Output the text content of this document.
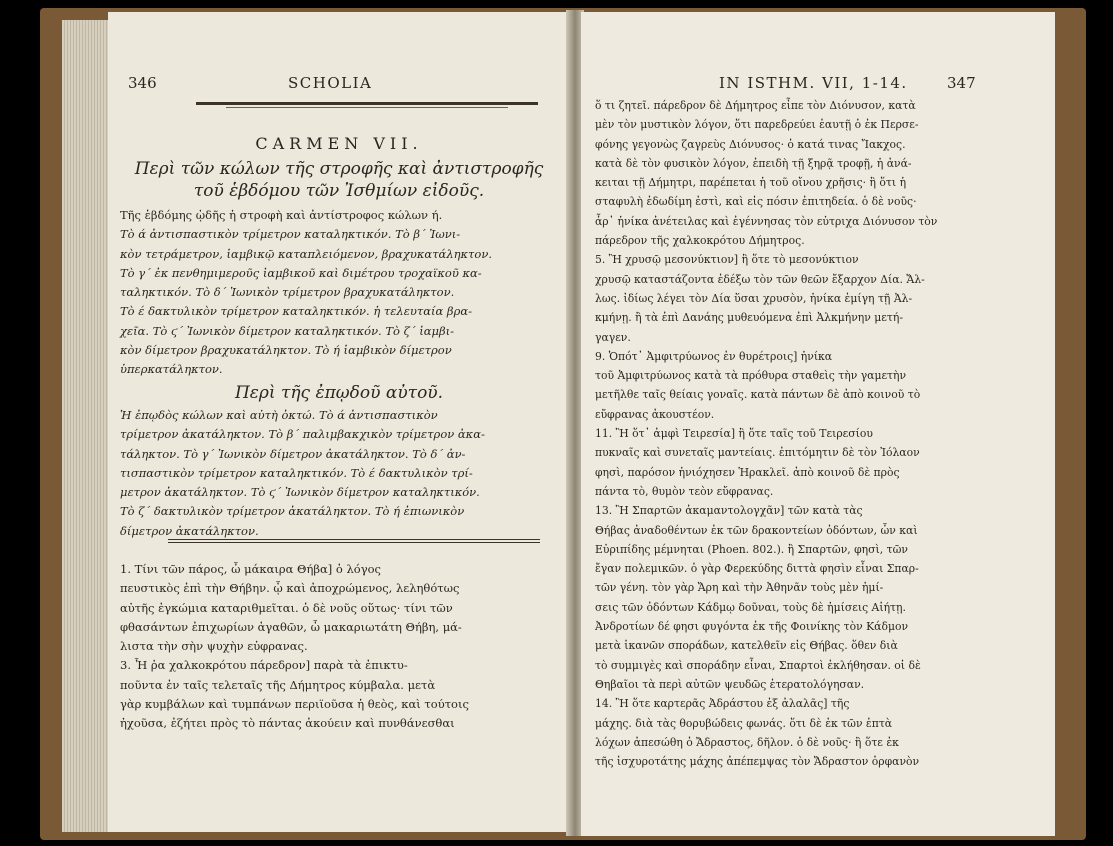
346	SCHOLIA
CARMEN VII.
Περὶ τῶν κώλων τῆς στροφῆς καὶ ἀντιστροφῆς
τοῦ ἑβδόμου τῶν Ἰσθμίων εἰδοῦς.
Τῆς ἑβδόμης ᾠδῆς ἡ στροφὴ καὶ ἀντίστροφος κώλων ή.
Τὸ ά ἀντισπαστικὸν τρίμετρον καταληκτικόν. Τὸ β΄ Ἰωνι-
κὸν τετράμετρον, ἰαμβικῷ καταπλειόμενον, βραχυκατάληκτον.
Τὸ γ΄ ἐκ πενθημιμεροῦς ἰαμβικοῦ καὶ διμέτρου τροχαϊκοῦ κα-
ταληκτικόν. Τὸ δ΄ Ἰωνικὸν τρίμετρον βραχυκατάληκτον.
Τὸ έ δακτυλικὸν τρίμετρον καταληκτικόν. ἡ τελευταία βρα-
χεῖα. Τὸ ϛ΄ Ἰωνικὸν δίμετρον καταληκτικόν. Τὸ ζ΄ ἰαμβι-
κὸν δίμετρον βραχυκατάληκτον. Τὸ ή ἰαμβικὸν δίμετρον
ὑπερκατάληκτον.
Περὶ τῆς ἐπῳδοῦ αὐτοῦ.
Ἡ ἐπῳδὸς κώλων καὶ αὐτὴ ὀκτώ. Τὸ ά ἀντισπαστικὸν
τρίμετρον ἀκατάληκτον. Τὸ β΄ παλιμβακχικὸν τρίμετρον ἀκα-
τάληκτον. Τὸ γ΄ Ἰωνικὸν δίμετρον ἀκατάληκτον. Τὸ δ΄ ἀν-
τισπαστικὸν τρίμετρον καταληκτικόν. Τὸ έ δακτυλικὸν τρί-
μετρον ἀκατάληκτον. Τὸ ϛ΄ Ἰωνικὸν δίμετρον καταληκτικόν.
Τὸ ζ΄ δακτυλικὸν τρίμετρον ἀκατάληκτον. Τὸ ή ἐπιωνικὸν
δίμετρον ἀκατάληκτον.
1. Τίνι τῶν πάρος, ὦ μάκαιρα Θήβα] ὁ λόγος
πευστικὸς ἐπὶ τὴν Θήβην. ᾧ καὶ ἀποχρώμενος, λεληθότως
αὐτῆς ἐγκώμια καταριθμεῖται. ὁ δὲ νοῦς οὕτως· τίνι τῶν
φθασάντων ἐπιχωρίων ἀγαθῶν, ὦ μακαριωτάτη Θήβη, μά-
λιστα τὴν σὴν ψυχὴν εὐφρανας.
3. Ἦ ῥα χαλκοκρότου πάρεδρον] παρὰ τὰ ἐπικτυ-
ποῦντα ἐν ταῖς τελεταῖς τῆς Δήμητρος κύμβαλα. μετὰ
γὰρ κυμβάλων καὶ τυμπάνων περιϊοῦσα ἡ θεὸς, καὶ τούτοις
ἠχοῦσα, ἐζήτει πρὸς τὸ πάντας ἀκούειν καὶ πυνθάνεσθαι
IN ISTHM. VII, 1-14.	347
ὅ τι ζητεῖ. πάρεδρον δὲ Δήμητρος εἶπε τὸν Διόνυσον, κατὰ
μὲν τὸν μυστικὸν λόγον, ὅτι παρεδρεύει ἑαυτῇ ὁ ἐκ Περσε-
φόνης γεγονὼς ζαγρεὺς Διόνυσος· ὁ κατά τινας Ἴακχος.
κατὰ δὲ τὸν φυσικὸν λόγον, ἐπειδὴ τῇ ξηρᾷ τροφῇ, ἡ ἀνά-
κειται τῇ Δήμητρι, παρέπεται ἡ τοῦ οἴνου χρῆσις· ἢ ὅτι ἡ
σταφυλὴ ἐδωδίμη ἐστὶ, καὶ εἰς πόσιν ἐπιτηδεία. ὁ δὲ νοῦς·
ἆρ᾽ ἡνίκα ἀνέτειλας καὶ ἐγέννησας τὸν εὐτριχα Διόνυσον τὸν
πάρεδρον τῆς χαλκοκρότου Δήμητρος.
5. Ἢ χρυσῷ μεσονύκτιον] ἢ ὅτε τὸ μεσονύκτιον
χρυσῷ καταστάζοντα ἐδέξω τὸν τῶν θεῶν ἔξαρχον Δία. Ἄλ-
λως. ἰδίως λέγει τὸν Δία ὕσαι χρυσὸν, ἡνίκα ἐμίγη τῇ Ἀλ-
κμήνῃ. ἢ τὰ ἐπὶ Δανάης μυθευόμενα ἐπὶ Ἀλκμήνην μετή-
γαγεν.
9. Ὁπότ᾽ Ἀμφιτρύωνος ἐν θυρέτροις] ἡνίκα
τοῦ Ἀμφιτρύωνος κατὰ τὰ πρόθυρα σταθεὶς τὴν γαμετὴν
μετῆλθε ταῖς θείαις γοναῖς. κατὰ πάντων δὲ ἀπὸ κοινοῦ τὸ
εὔφρανας ἀκουστέον.
11. Ἢ ὅτ᾽ ἀμφὶ Τειρεσία] ἢ ὅτε ταῖς τοῦ Τειρεσίου
πυκναῖς καὶ συνεταῖς μαντείαις. ἐπιτόμητιν δὲ τὸν Ἰόλαον
φησὶ, παρόσον ἡνιόχησεν Ἡρακλεῖ. ἀπὸ κοινοῦ δὲ πρὸς
πάντα τὸ, θυμὸν τεὸν εὔφρανας.
13. Ἢ Σπαρτῶν ἀκαμαντολογχᾶν] τῶν κατὰ τὰς
Θήβας ἀναδοθέντων ἐκ τῶν δρακοντείων ὀδόντων, ὧν καὶ
Εὐριπίδης μέμνηται (Phoen. 802.). ἢ Σπαρτῶν, φησὶ, τῶν
ἔγαν πολεμικῶν. ὁ γὰρ Φερεκύδης διττὰ φησὶν εἶναι Σπαρ-
τῶν γένη. τὸν γὰρ Ἄρη καὶ τὴν Ἀθηνᾶν τοὺς μὲν ἡμί-
σεις τῶν ὀδόντων Κάδμῳ δοῦναι, τοὺς δὲ ἡμίσεις Αἰήτῃ.
Ἀνδροτίων δέ φησι φυγόντα ἐκ τῆς Φοινίκης τὸν Κάδμον
μετὰ ἱκανῶν σποράδων, κατελθεῖν εἰς Θήβας. ὅθεν διὰ
τὸ συμμιγὲς καὶ σποράδην εἶναι, Σπαρτοὶ ἐκλήθησαν. οἱ δὲ
Θηβαῖοι τὰ περὶ αὐτῶν ψευδῶς ἑτερατολόγησαν.
14. Ἢ ὅτε καρτερᾶς Ἀδράστου ἐξ ἀλαλᾶς] τῆς
μάχης. διὰ τὰς θορυβώδεις φωνάς. ὅτι δὲ ἐκ τῶν ἐπτὰ
λόχων ἀπεσώθη ὁ Ἄδραστος, δῆλον. ὁ δὲ νοῦς· ἢ ὅτε ἐκ
τῆς ἰσχυροτάτης μάχης ἀπέπεμψας τὸν Ἄδραστον ὀρφανὸν
